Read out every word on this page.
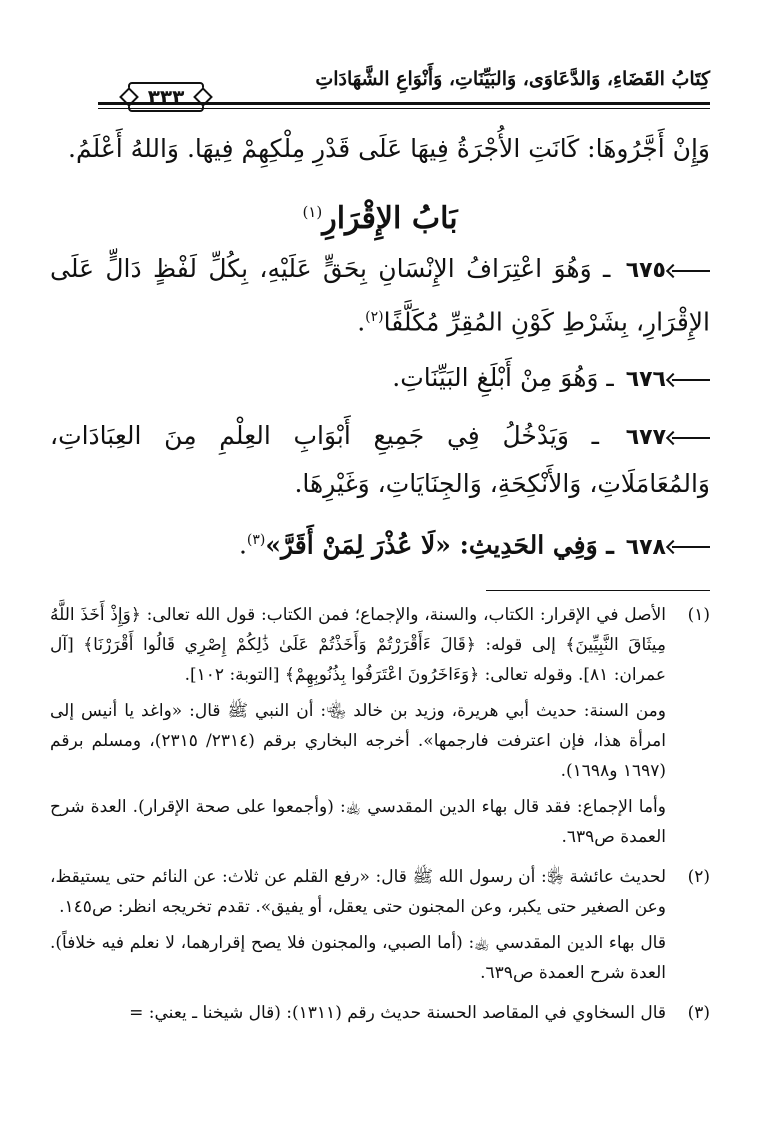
كِتَابُ القَضَاءِ، وَالدَّعَاوَى، وَالبَيِّنَاتِ، وَأَنْوَاعِ الشَّهَادَاتِ
٣٣٣

وَإِنْ أَجَّرُوهَا: كَانَتِ الأُجْرَةُ فِيهَا عَلَى قَدْرِ مِلْكِهِمْ فِيهَا. وَاللهُ أَعْلَمُ.

بَابُ الإِقْرَارِ$^{(١)}$

٦٧٥ ـ وَهُوَ اعْتِرَافُ الإِنْسَانِ بِحَقٍّ عَلَيْهِ، بِكُلِّ لَفْظٍ دَالٍّ عَلَى الإِقْرَارِ، بِشَرْطِ كَوْنِ المُقِرِّ مُكَلَّفًا$^{(٢)}$.

٦٧٦ ـ وَهُوَ مِنْ أَبْلَغِ البَيِّنَاتِ.

٦٧٧ ـ وَيَدْخُلُ فِي جَمِيعِ أَبْوَابِ العِلْمِ مِنَ العِبَادَاتِ، وَالمُعَامَلَاتِ، وَالأَنْكِحَةِ، وَالجِنَايَاتِ، وَغَيْرِهَا.

٦٧٨ ـ وَفِي الحَدِيثِ: «لَا عُذْرَ لِمَنْ أَقَرَّ»$^{(٣)}$.

(١)

الأصل في الإقرار: الكتاب، والسنة، والإجماع؛ فمن الكتاب: قول الله تعالى: ﴿وَإِذْ أَخَذَ اللَّهُ مِيثَاقَ النَّبِيِّينَ﴾ إلى قوله: ﴿قَالَ ءَأَقْرَرْتُمْ وَأَخَذْتُمْ عَلَىٰ ذَٰلِكُمْ إِصْرِي قَالُوا أَقْرَرْنَا﴾ [آل عمران: ٨١]. وقوله تعالى: ﴿وَءَاخَرُونَ اعْتَرَفُوا بِذُنُوبِهِمْ﴾ [التوبة: ١٠٢].

ومن السنة: حديث أبي هريرة، وزيد بن خالد ﵄: أن النبي ﷺ قال: «واغد يا أنيس إلى امرأة هذا، فإن اعترفت فارجمها». أخرجه البخاري برقم (٢٣١٤/ ٢٣١٥)، ومسلم برقم (١٦٩٧ و١٦٩٨).

وأما الإجماع: فقد قال بهاء الدين المقدسي ﵀: (وأجمعوا على صحة الإقرار). العدة شرح العمدة ص٦٣٩.

(٢)

لحديث عائشة ﵂: أن رسول الله ﷺ قال: «رفع القلم عن ثلاث: عن النائم حتى يستيقظ، وعن الصغير حتى يكبر، وعن المجنون حتى يعقل، أو يفيق». تقدم تخريجه انظر: ص١٤٥.

قال بهاء الدين المقدسي ﵀: (أما الصبي، والمجنون فلا يصح إقرارهما، لا نعلم فيه خلافاً). العدة شرح العمدة ص٦٣٩.

(٣)

قال السخاوي في المقاصد الحسنة حديث رقم (١٣١١): (قال شيخنا ـ يعني: =
